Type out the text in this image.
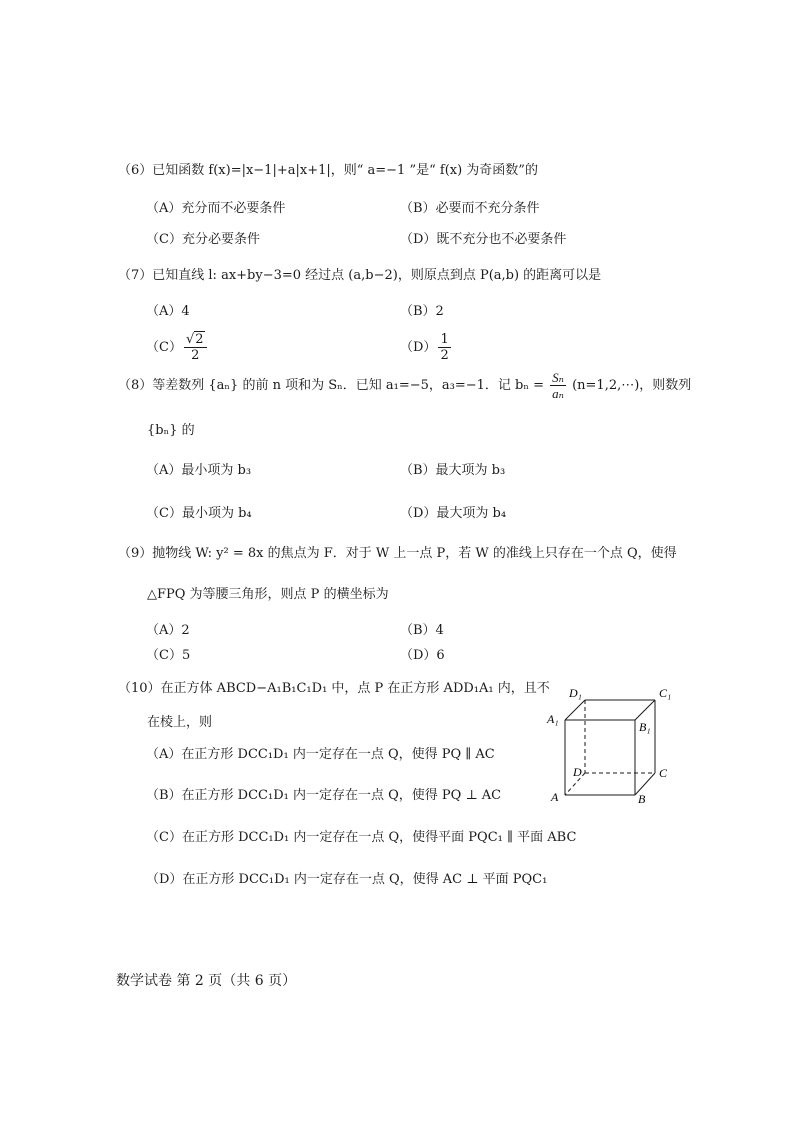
（6）已知函数 f(x)=|x−1|+a|x+1|，则“ a=−1 ”是“ f(x) 为奇函数”的
（A）充分而不必要条件	（B）必要而不充分条件
（C）充分必要条件	（D）既不充分也不必要条件
（7）已知直线 l: ax+by−3=0 经过点 (a,b−2)，则原点到点 P(a,b) 的距离可以是
（A）4	（B）2
$(C) \frac{√2}{2}$	$(D) \frac{1}{2}$
（8）等差数列 {aₙ} 的前 n 项和为 Sₙ．已知 a₁=−5，a₃=−1．记 $b_n = \frac{\text{Sₙ}}{\text{aₙ}}$ (n=1,2,⋯)，则数列
{bₙ} 的
（A）最小项为 b₃	（B）最大项为 b₃
（C）最小项为 b₄	（D）最大项为 b₄
（9）抛物线 W: y² = 8x 的焦点为 F．对于 W 上一点 P，若 W 的准线上只存在一个点 Q，使得
△FPQ 为等腰三角形，则点 P 的横坐标为
（A）2	（B）4
（C）5	（D）6
（10）在正方体 ABCD−A₁B₁C₁D₁ 中，点 P 在正方形 ADD₁A₁ 内，且不
在棱上，则
（A）在正方形 DCC₁D₁ 内一定存在一点 Q，使得 PQ ∥ AC
（B）在正方形 DCC₁D₁ 内一定存在一点 Q，使得 PQ ⊥ AC
（C）在正方形 DCC₁D₁ 内一定存在一点 Q，使得平面 PQC₁ ∥ 平面 ABC
（D）在正方形 DCC₁D₁ 内一定存在一点 Q，使得 AC ⊥ 平面 PQC₁
D₁	C₁
A₁
B₁
D	C
A	B
数学试卷 第 2 页（共 6 页）
